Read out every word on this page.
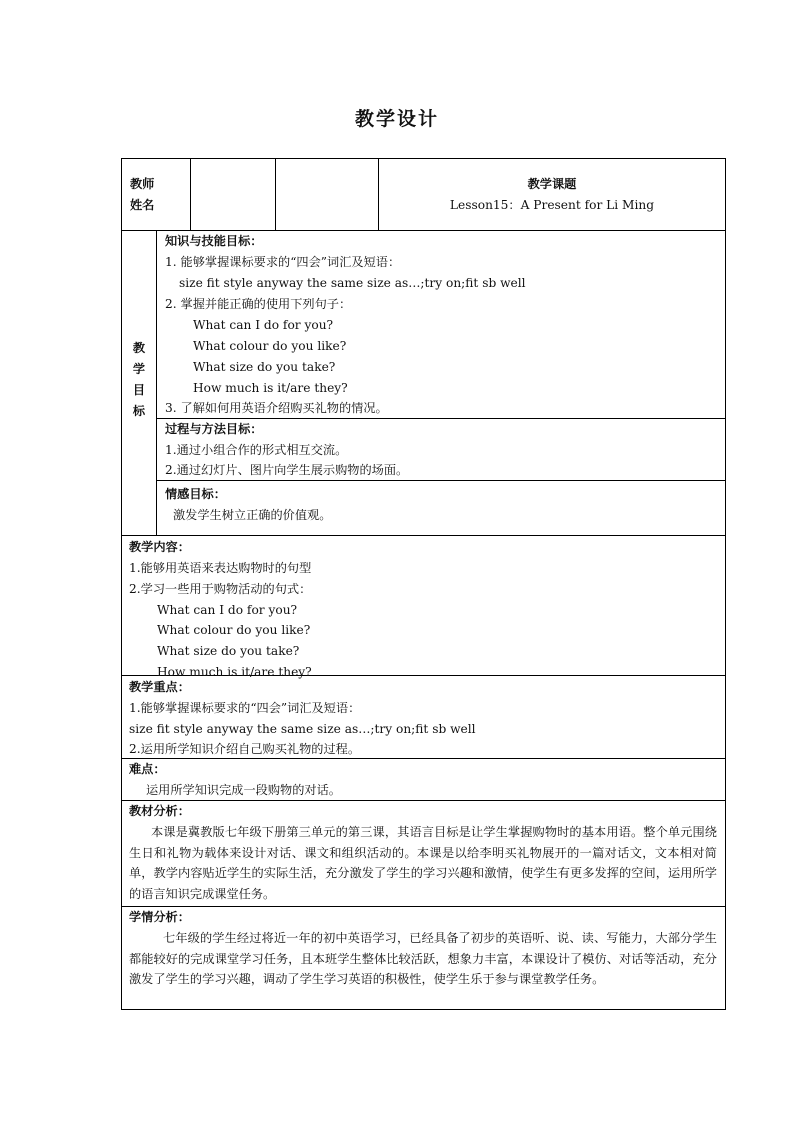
教学设计
教师
姓名
教学课题
Lesson15：A Present for Li Ming
教
学
目
标
知识与技能目标：
1. 能够掌握课标要求的“四会”词汇及短语：
size fit style anyway the same size as…;try on;fit sb well
2. 掌握并能正确的使用下列句子：
What can I do for you?
What colour do you like?
What size do you take?
How much is it/are they?
3. 了解如何用英语介绍购买礼物的情况。
过程与方法目标：
1.通过小组合作的形式相互交流。
2.通过幻灯片、图片向学生展示购物的场面。
情感目标：
激发学生树立正确的价值观。
教学内容：
1.能够用英语来表达购物时的句型
2.学习一些用于购物活动的句式：
What can I do for you?
What colour do you like?
What size do you take?
How much is it/are they?
教学重点：
1.能够掌握课标要求的“四会”词汇及短语：
size fit style anyway the same size as…;try on;fit sb well
2.运用所学知识介绍自己购买礼物的过程。
难点：
运用所学知识完成一段购物的对话。
教材分析：
本课是冀教版七年级下册第三单元的第三课，其语言目标是让学生掌握购物时的基本用语。整个单元围绕生日和礼物为载体来设计对话、课文和组织活动的。本课是以给李明买礼物展开的一篇对话文，文本相对简单，教学内容贴近学生的实际生活，充分激发了学生的学习兴趣和激情，使学生有更多发挥的空间，运用所学的语言知识完成课堂任务。
学情分析：
七年级的学生经过将近一年的初中英语学习，已经具备了初步的英语听、说、读、写能力，大部分学生都能较好的完成课堂学习任务，且本班学生整体比较活跃，想象力丰富，本课设计了模仿、对话等活动，充分激发了学生的学习兴趣，调动了学生学习英语的积极性，使学生乐于参与课堂教学任务。
